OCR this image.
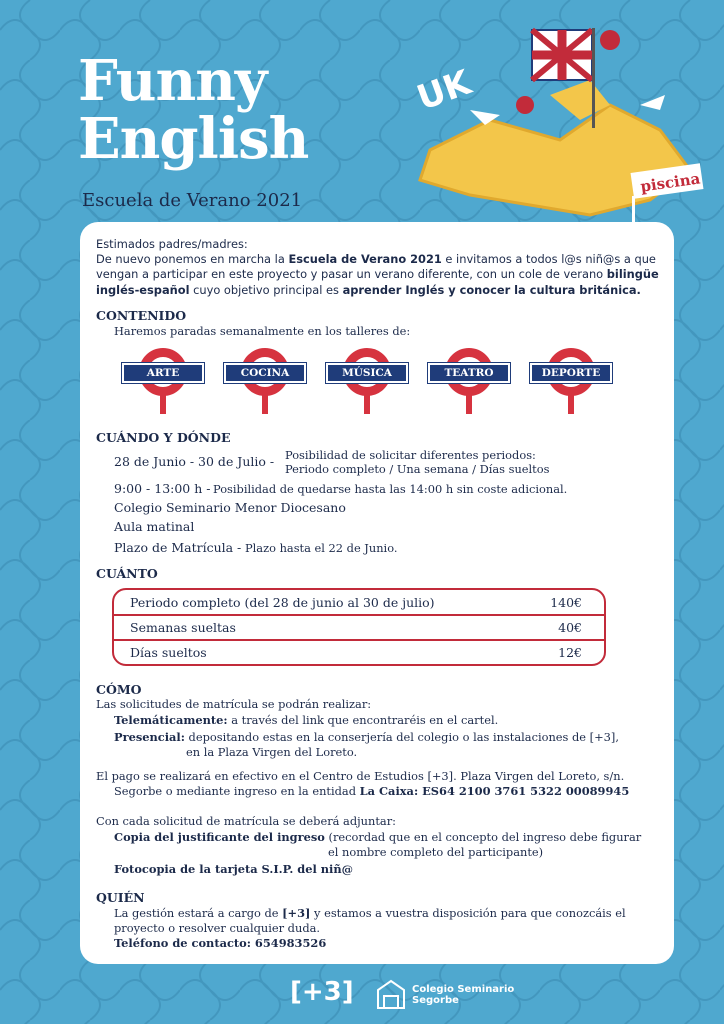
UK
piscina
Funny
English
Escuela de Verano 2021
Estimados padres/madres:
De nuevo ponemos en marcha la Escuela de Verano 2021 e invitamos a todos l@s niñ@s a que
vengan a participar en este proyecto y pasar un verano diferente, con un cole de verano bilingüe
inglés-español cuyo objetivo principal es aprender Inglés y conocer la cultura británica.
CONTENIDO
Haremos paradas semanalmente en los talleres de:
ARTE	COCINA	MÚSICA	TEATRO	DEPORTE
CUÁNDO Y DÓNDE
28 de Junio - 30 de Julio - Posibilidad de solicitar diferentes periodos:
Periodo completo / Una semana / Días sueltos
9:00 - 13:00 h - Posibilidad de quedarse hasta las 14:00 h sin coste adicional.
Colegio Seminario Menor Diocesano
Aula matinal
Plazo de Matrícula - Plazo hasta el 22 de Junio.
CUÁNTO
Periodo completo (del 28 de junio al 30 de julio)	140€
Semanas sueltas	40€
Días sueltos	12€
CÓMO
Las solicitudes de matrícula se podrán realizar:
Telemáticamente: a través del link que encontraréis en el cartel.
Presencial: depositando estas en la conserjería del colegio o las instalaciones de [+3],
en la Plaza Virgen del Loreto.
El pago se realizará en efectivo en el Centro de Estudios [+3]. Plaza Virgen del Loreto, s/n.
Segorbe o mediante ingreso en la entidad La Caixa: ES64 2100 3761 5322 00089945
Con cada solicitud de matrícula se deberá adjuntar:
Copia del justificante del ingreso (recordad que en el concepto del ingreso debe figurar
el nombre completo del participante)
Fotocopia de la tarjeta S.I.P. del niñ@
QUIÉN
La gestión estará a cargo de [+3] y estamos a vuestra disposición para que conozcáis el
proyecto o resolver cualquier duda.
Teléfono de contacto: 654983526
[+3]	Colegio Seminario
Segorbe
